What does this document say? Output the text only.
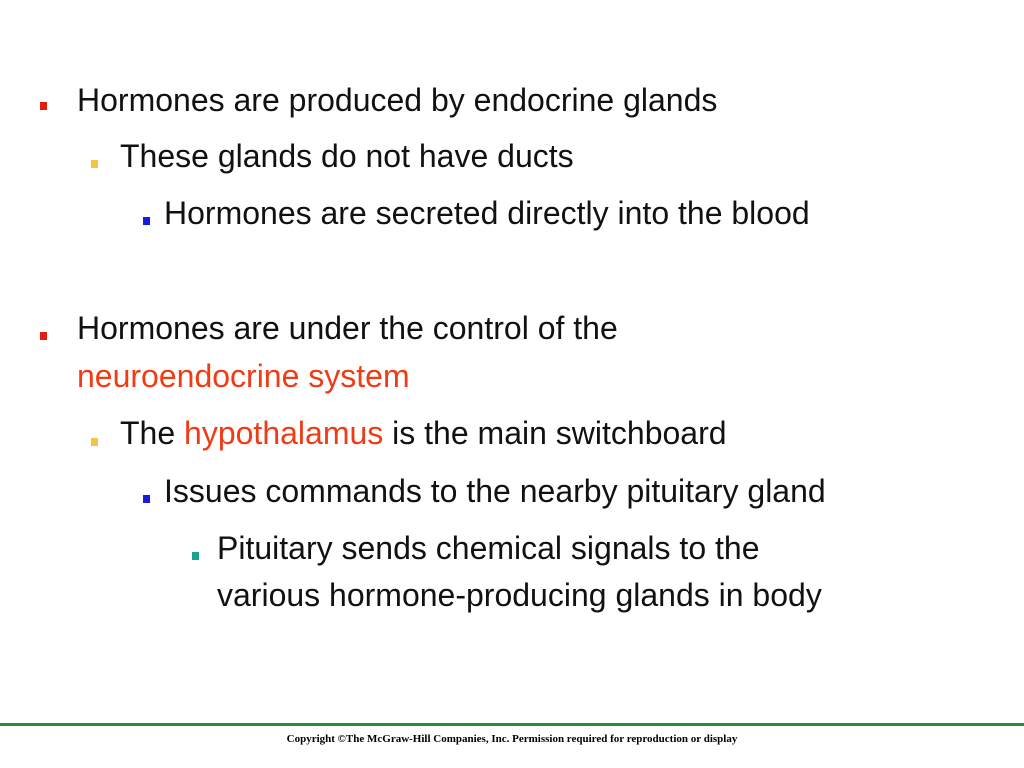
Hormones are produced by endocrine glands

These glands do not have ducts

Hormones are secreted directly into the blood

Hormones are under the control of the

neuroendocrine system

The hypothalamus is the main switchboard

Issues commands to the nearby pituitary gland

Pituitary sends chemical signals to the

various hormone-producing glands in body

Copyright ©The McGraw-Hill Companies, Inc. Permission required for reproduction or display
